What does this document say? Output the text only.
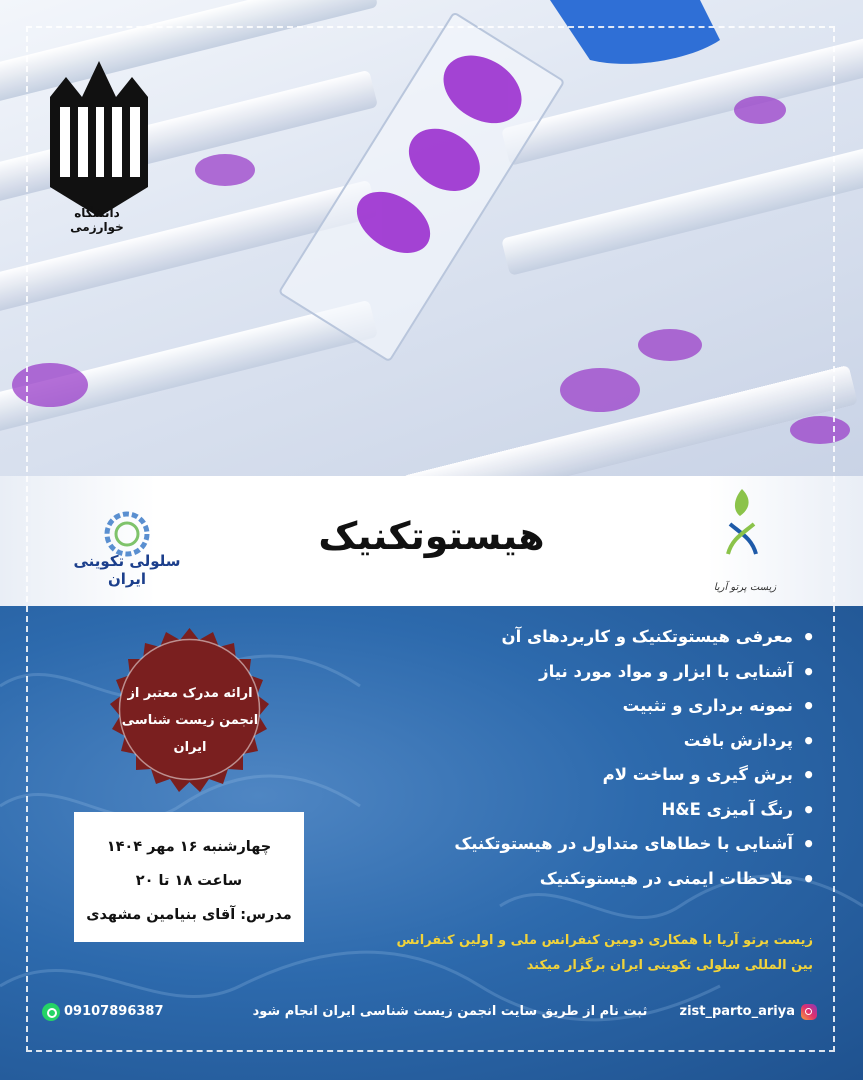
دانشگاه خوارزمی
هیستوتکنیک
سلولی تکوینی ایران	زیست پرتو آریا
ارائه مدرک معتبر از انجمن زیست شناسی ایران
• معرفی هیستوتکنیک و کاربردهای آن
• آشنایی با ابزار و مواد مورد نیاز
• نمونه برداری و تثبیت
• پردازش بافت
• برش گیری و ساخت لام
• رنگ آمیزی H&E
• آشنایی با خطاهای متداول در هیستوتکنیک
• ملاحظات ایمنی در هیستوتکنیک
چهارشنبه ۱۶ مهر ۱۴۰۴
ساعت ۱۸ تا ۲۰
مدرس: آقای بنیامین مشهدی
زیست پرتو آریا با همکاری دومین کنفرانس ملی و اولین کنفرانس بین المللی سلولی تکوینی ایران برگزار میکند
09107896387	ثبت نام از طریق سایت انجمن زیست شناسی ایران انجام شود	zist_parto_ariya
